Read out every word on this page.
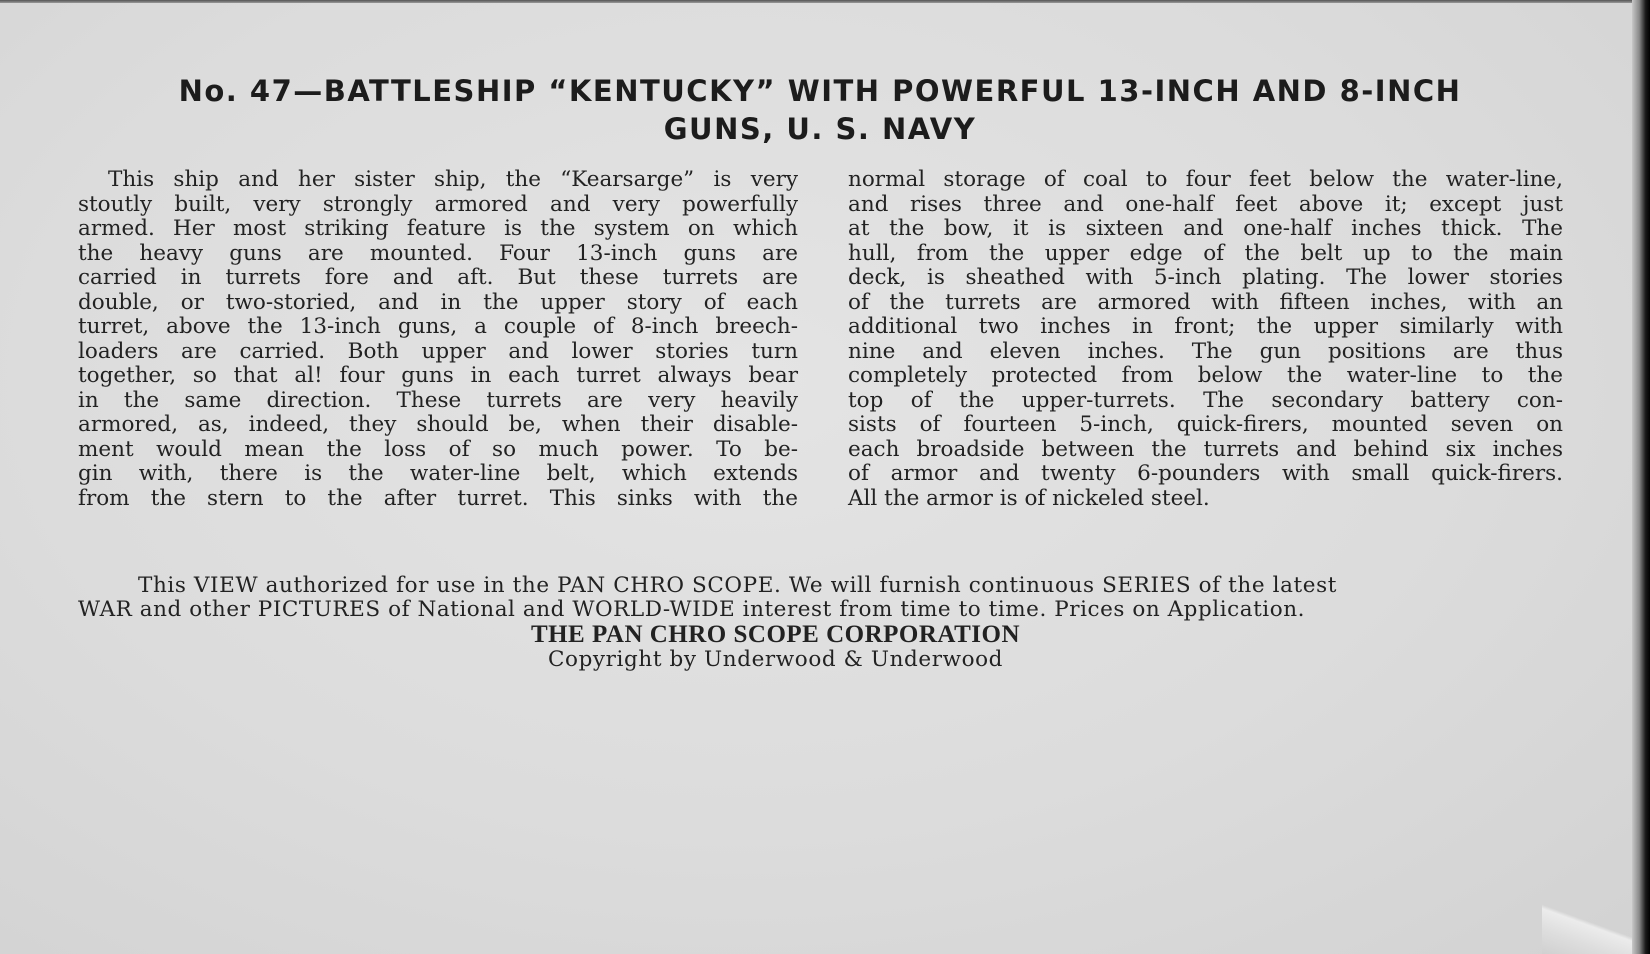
No. 47—BATTLESHIP “KENTUCKY” WITH POWERFUL 13-INCH AND 8-INCH
GUNS, U. S. NAVY
This ship and her sister ship, the “Kearsarge” is very
stoutly built, very strongly armored and very powerfully
armed. Her most striking feature is the system on which
the heavy guns are mounted. Four 13-inch guns are
carried in turrets fore and aft. But these turrets are
double, or two-storied, and in the upper story of each
turret, above the 13-inch guns, a couple of 8-inch breech-
loaders are carried. Both upper and lower stories turn
together, so that al! four guns in each turret always bear
in the same direction. These turrets are very heavily
armored, as, indeed, they should be, when their disable-
ment would mean the loss of so much power. To be-
gin with, there is the water-line belt, which extends
from the stern to the after turret. This sinks with the
normal storage of coal to four feet below the water-line,
and rises three and one-half feet above it; except just
at the bow, it is sixteen and one-half inches thick. The
hull, from the upper edge of the belt up to the main
deck, is sheathed with 5-inch plating. The lower stories
of the turrets are armored with fifteen inches, with an
additional two inches in front; the upper similarly with
nine and eleven inches. The gun positions are thus
completely protected from below the water-line to the
top of the upper-turrets. The secondary battery con-
sists of fourteen 5-inch, quick-firers, mounted seven on
each broadside between the turrets and behind six inches
of armor and twenty 6-pounders with small quick-firers.
All the armor is of nickeled steel.
This VIEW authorized for use in the PAN CHRO SCOPE. We will furnish continuous SERIES of the latest
WAR and other PICTURES of National and WORLD-WIDE interest from time to time. Prices on Application.
THE PAN CHRO SCOPE CORPORATION
Copyright by Underwood & Underwood
